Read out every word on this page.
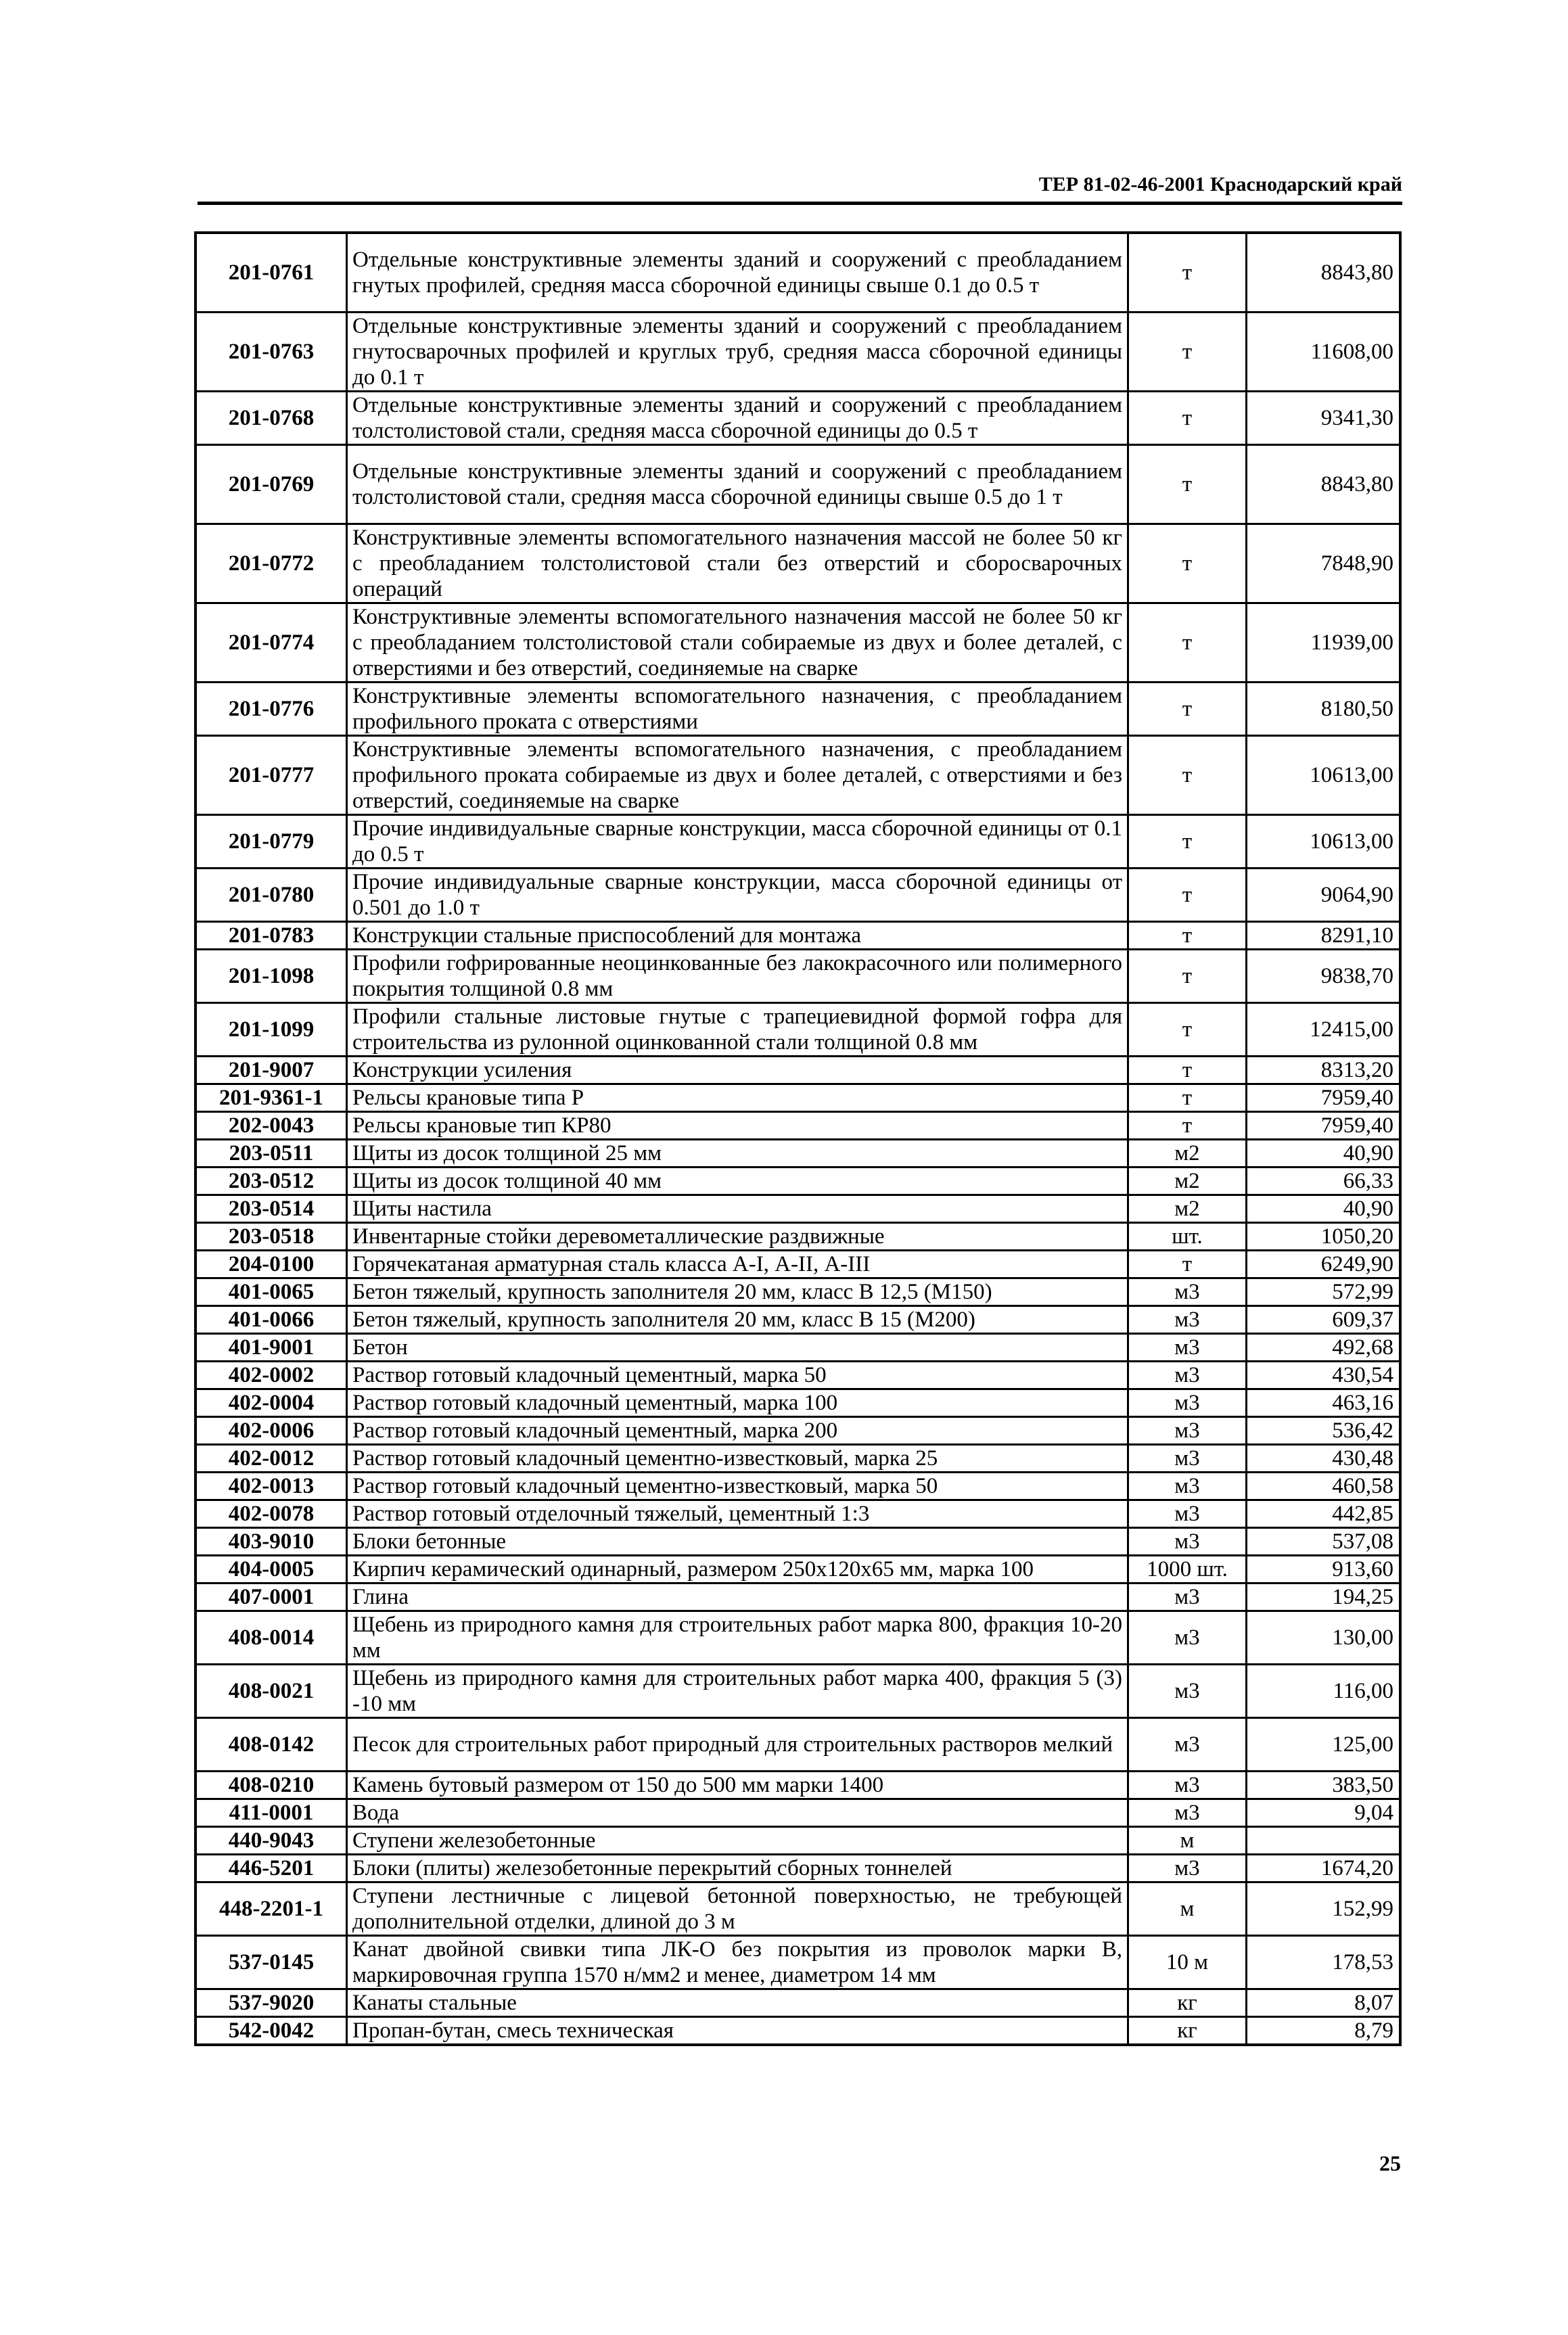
ТЕР 81-02-46-2001 Краснодарский край
201-0761	Отдельные конструктивные элементы зданий и сооружений с преобладанием гнутых профилей, средняя масса сборочной единицы свыше 0.1 до 0.5 т	т	8843,80
201-0763	Отдельные конструктивные элементы зданий и сооружений с преобладанием гнутосварочных профилей и круглых труб, средняя масса сборочной единицы до 0.1 т	т	11608,00
201-0768	Отдельные конструктивные элементы зданий и сооружений с преобладанием толстолистовой стали, средняя масса сборочной единицы до 0.5 т	т	9341,30
201-0769	Отдельные конструктивные элементы зданий и сооружений с преобладанием толстолистовой стали, средняя масса сборочной единицы свыше 0.5 до 1 т	т	8843,80
201-0772	Конструктивные элементы вспомогательного назначения массой не более 50 кг с преобладанием толстолистовой стали без отверстий и сборосварочных операций	т	7848,90
201-0774	Конструктивные элементы вспомогательного назначения массой не более 50 кг с преобладанием толстолистовой стали собираемые из двух и более деталей, с отверстиями и без отверстий, соединяемые на сварке	т	11939,00
201-0776	Конструктивные элементы вспомогательного назначения, с преобладанием профильного проката с отверстиями	т	8180,50
201-0777	Конструктивные элементы вспомогательного назначения, с преобладанием профильного проката собираемые из двух и более деталей, с отверстиями и без отверстий, соединяемые на сварке	т	10613,00
201-0779	Прочие индивидуальные сварные конструкции, масса сборочной единицы от 0.1 до 0.5 т	т	10613,00
201-0780	Прочие индивидуальные сварные конструкции, масса сборочной единицы от 0.501 до 1.0 т	т	9064,90
201-0783	Конструкции стальные приспособлений для монтажа	т	8291,10
201-1098	Профили гофрированные неоцинкованные без лакокрасочного или полимерного покрытия толщиной 0.8 мм	т	9838,70
201-1099	Профили стальные листовые гнутые с трапециевидной формой гофра для строительства из рулонной оцинкованной стали толщиной 0.8 мм	т	12415,00
201-9007	Конструкции усиления	т	8313,20
201-9361-1	Рельсы крановые типа Р	т	7959,40
202-0043	Рельсы крановые тип КР80	т	7959,40
203-0511	Щиты из досок толщиной 25 мм	м2	40,90
203-0512	Щиты из досок толщиной 40 мм	м2	66,33
203-0514	Щиты настила	м2	40,90
203-0518	Инвентарные стойки деревометаллические раздвижные	шт.	1050,20
204-0100	Горячекатаная арматурная сталь класса А-I, А-II, А-III	т	6249,90
401-0065	Бетон тяжелый, крупность заполнителя 20 мм, класс В 12,5 (М150)	м3	572,99
401-0066	Бетон тяжелый, крупность заполнителя 20 мм, класс В 15 (М200)	м3	609,37
401-9001	Бетон	м3	492,68
402-0002	Раствор готовый кладочный цементный, марка 50	м3	430,54
402-0004	Раствор готовый кладочный цементный, марка 100	м3	463,16
402-0006	Раствор готовый кладочный цементный, марка 200	м3	536,42
402-0012	Раствор готовый кладочный цементно-известковый, марка 25	м3	430,48
402-0013	Раствор готовый кладочный цементно-известковый, марка 50	м3	460,58
402-0078	Раствор готовый отделочный тяжелый, цементный 1:3	м3	442,85
403-9010	Блоки бетонные	м3	537,08
404-0005	Кирпич керамический одинарный, размером 250х120х65 мм, марка 100	1000 шт.	913,60
407-0001	Глина	м3	194,25
408-0014	Щебень из природного камня для строительных работ марка 800, фракция 10-20 мм	м3	130,00
408-0021	Щебень из природного камня для строительных работ марка 400, фракция 5 (3) -10 мм	м3	116,00
408-0142	Песок для строительных работ природный для строительных растворов мелкий	м3	125,00
408-0210	Камень бутовый размером от 150 до 500 мм марки 1400	м3	383,50
411-0001	Вода	м3	9,04
440-9043	Ступени железобетонные	м	
446-5201	Блоки (плиты) железобетонные перекрытий сборных тоннелей	м3	1674,20
448-2201-1	Ступени лестничные с лицевой бетонной поверхностью, не требующей дополнительной отделки, длиной до 3 м	м	152,99
537-0145	Канат двойной свивки типа ЛК-О без покрытия из проволок марки В, маркировочная группа 1570 н/мм2 и менее, диаметром 14 мм	10 м	178,53
537-9020	Канаты стальные	кг	8,07
542-0042	Пропан-бутан, смесь техническая	кг	8,79
25
